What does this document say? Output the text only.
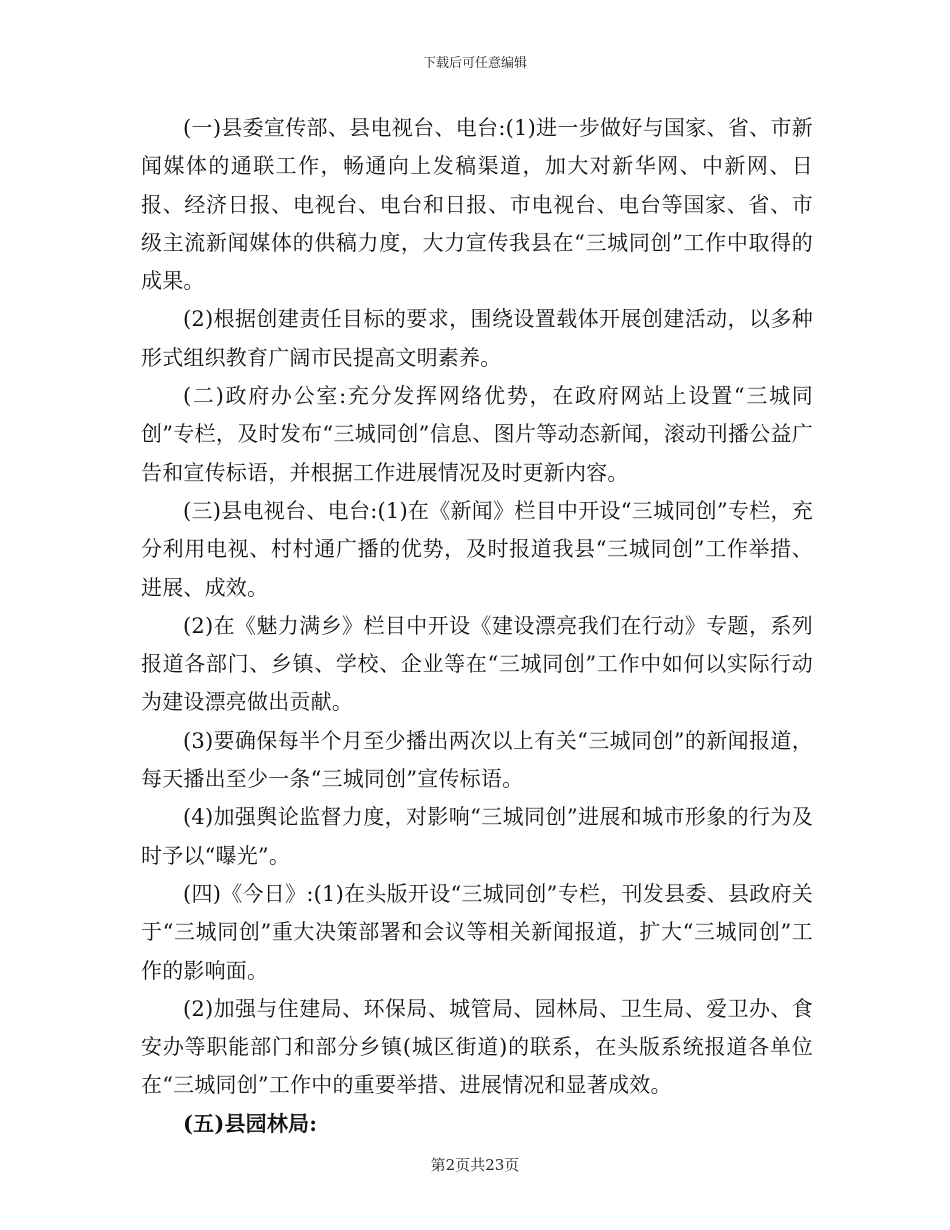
下载后可任意编辑

(一)县委宣传部、县电视台、电台:(1)进一步做好与国家、省、市新闻媒体的通联工作，畅通向上发稿渠道，加大对新华网、中新网、日报、经济日报、电视台、电台和日报、市电视台、电台等国家、省、市级主流新闻媒体的供稿力度，大力宣传我县在“三城同创”工作中取得的成果。

(2)根据创建责任目标的要求，围绕设置载体开展创建活动，以多种形式组织教育广阔市民提高文明素养。

(二)政府办公室:充分发挥网络优势，在政府网站上设置“三城同创”专栏，及时发布“三城同创”信息、图片等动态新闻，滚动刊播公益广告和宣传标语，并根据工作进展情况及时更新内容。

(三)县电视台、电台:(1)在《新闻》栏目中开设“三城同创”专栏，充分利用电视、村村通广播的优势，及时报道我县“三城同创”工作举措、进展、成效。

(2)在《魅力满乡》栏目中开设《建设漂亮我们在行动》专题，系列报道各部门、乡镇、学校、企业等在“三城同创”工作中如何以实际行动为建设漂亮做出贡献。

(3)要确保每半个月至少播出两次以上有关“三城同创”的新闻报道，每天播出至少一条“三城同创”宣传标语。

(4)加强舆论监督力度，对影响“三城同创”进展和城市形象的行为及时予以“曝光”。

(四)《今日》:(1)在头版开设“三城同创”专栏，刊发县委、县政府关于“三城同创”重大决策部署和会议等相关新闻报道，扩大“三城同创”工作的影响面。

(2)加强与住建局、环保局、城管局、园林局、卫生局、爱卫办、食安办等职能部门和部分乡镇(城区街道)的联系，在头版系统报道各单位在“三城同创”工作中的重要举措、进展情况和显著成效。

(五)县园林局:

第2页共23页
